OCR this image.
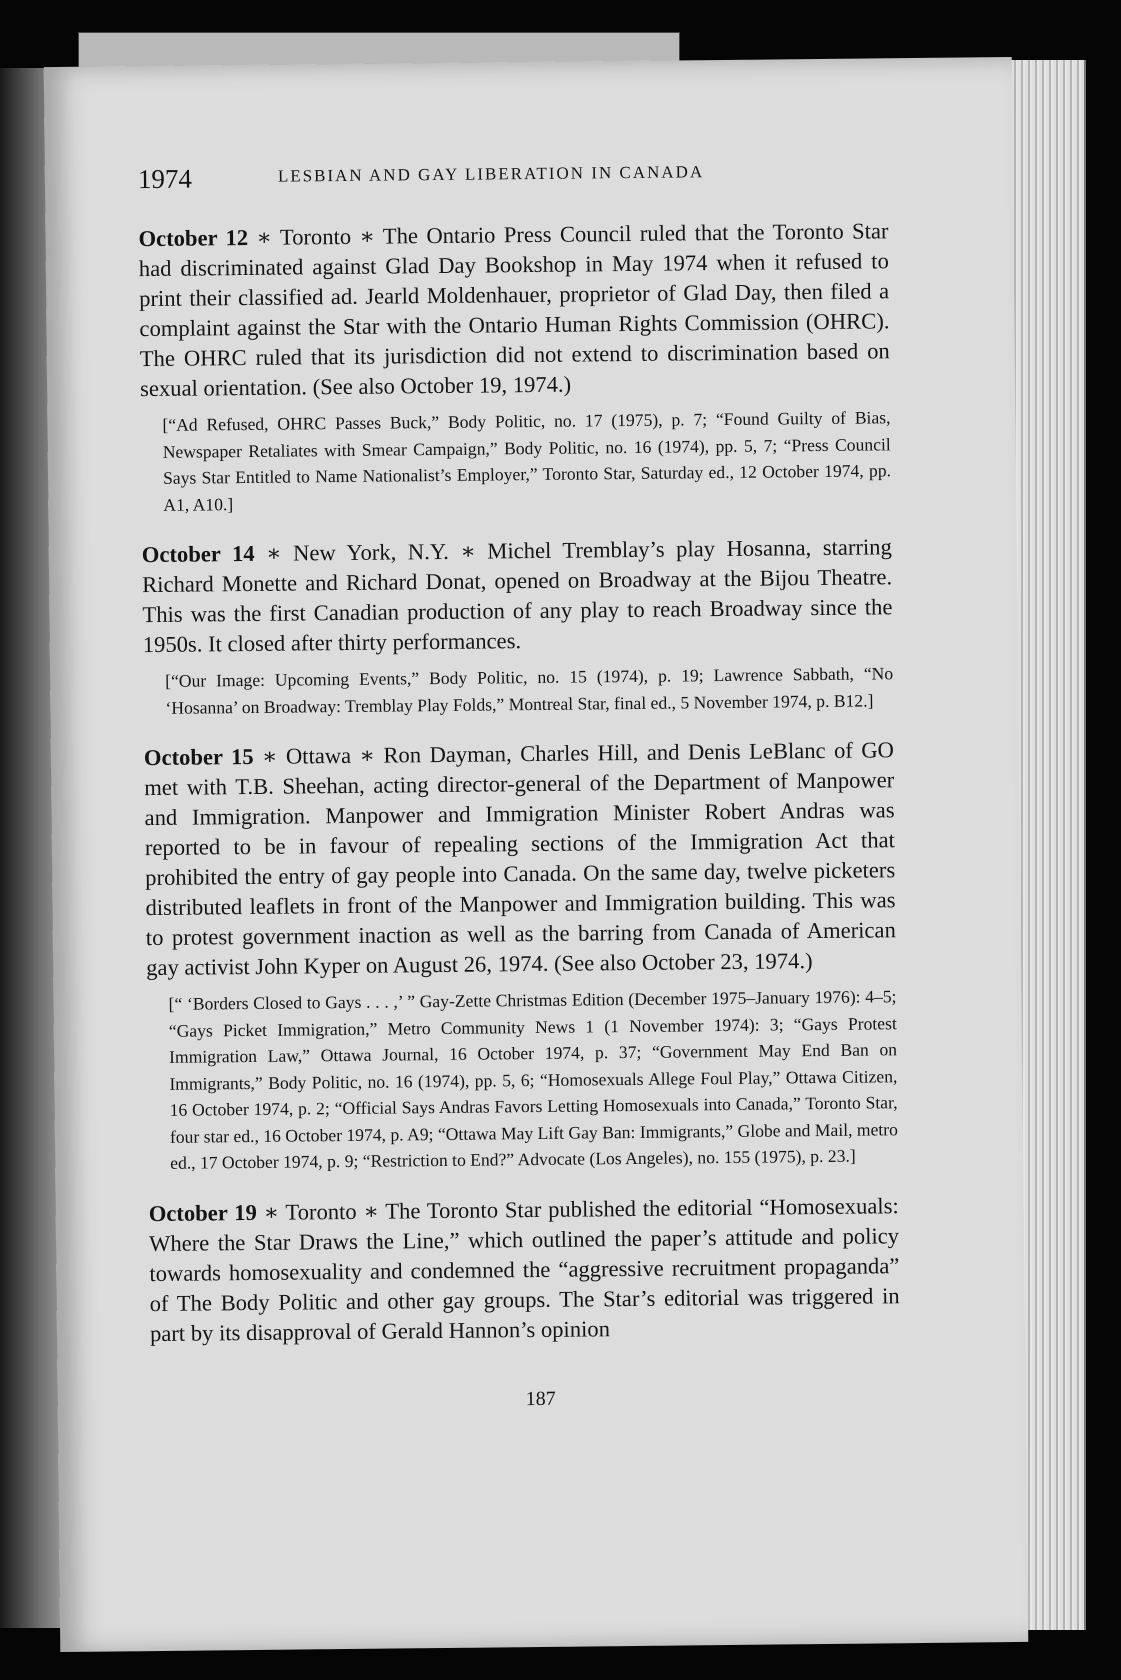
1974	LESBIAN AND GAY LIBERATION IN CANADA

October 12 ∗ Toronto ∗ The Ontario Press Council ruled that the Toronto Star had discriminated against Glad Day Bookshop in May 1974 when it refused to print their classified ad. Jearld Moldenhauer, proprietor of Glad Day, then filed a complaint against the Star with the Ontario Human Rights Commission (OHRC). The OHRC ruled that its jurisdiction did not extend to discrimination based on sexual orientation. (See also October 19, 1974.)

[“Ad Refused, OHRC Passes Buck,” Body Politic, no. 17 (1975), p. 7; “Found Guilty of Bias, Newspaper Retaliates with Smear Campaign,” Body Politic, no. 16 (1974), pp. 5, 7; “Press Council Says Star Entitled to Name Nationalist’s Employer,” Toronto Star, Saturday ed., 12 October 1974, pp. A1, A10.]

October 14 ∗ New York, N.Y. ∗ Michel Tremblay’s play Hosanna, starring Richard Monette and Richard Donat, opened on Broadway at the Bijou Theatre. This was the first Canadian production of any play to reach Broadway since the 1950s. It closed after thirty performances.

[“Our Image: Upcoming Events,” Body Politic, no. 15 (1974), p. 19; Lawrence Sabbath, “No ‘Hosanna’ on Broadway: Tremblay Play Folds,” Montreal Star, final ed., 5 November 1974, p. B12.]

October 15 ∗ Ottawa ∗ Ron Dayman, Charles Hill, and Denis LeBlanc of GO met with T.B. Sheehan, acting director-general of the Department of Manpower and Immigration. Manpower and Immigration Minister Robert Andras was reported to be in favour of repealing sections of the Immigration Act that prohibited the entry of gay people into Canada. On the same day, twelve picketers distributed leaflets in front of the Manpower and Immigration building. This was to protest government inaction as well as the barring from Canada of American gay activist John Kyper on August 26, 1974. (See also October 23, 1974.)

[“ ‘Borders Closed to Gays . . . ,’ ” Gay-Zette Christmas Edition (December 1975–January 1976): 4–5; “Gays Picket Immigration,” Metro Community News 1 (1 November 1974): 3; “Gays Protest Immigration Law,” Ottawa Journal, 16 October 1974, p. 37; “Government May End Ban on Immigrants,” Body Politic, no. 16 (1974), pp. 5, 6; “Homosexuals Allege Foul Play,” Ottawa Citizen, 16 October 1974, p. 2; “Official Says Andras Favors Letting Homosexuals into Canada,” Toronto Star, four star ed., 16 October 1974, p. A9; “Ottawa May Lift Gay Ban: Immigrants,” Globe and Mail, metro ed., 17 October 1974, p. 9; “Restriction to End?” Advocate (Los Angeles), no. 155 (1975), p. 23.]

October 19 ∗ Toronto ∗ The Toronto Star published the editorial “Homosexuals: Where the Star Draws the Line,” which outlined the paper’s attitude and policy towards homosexuality and condemned the “aggressive recruitment propaganda” of The Body Politic and other gay groups. The Star’s editorial was triggered in part by its disapproval of Gerald Hannon’s opinion

187
